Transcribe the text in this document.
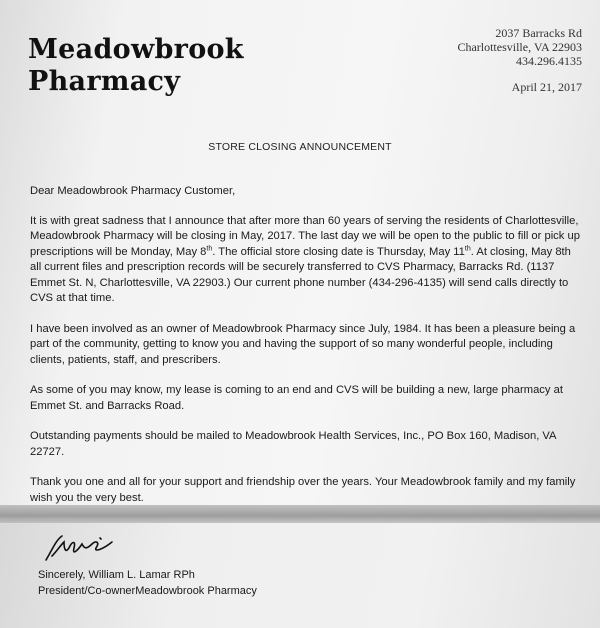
Meadowbrook
Pharmacy
2037 Barracks Rd
Charlottesville, VA 22903
434.296.4135
April 21, 2017
STORE CLOSING ANNOUNCEMENT

Dear Meadowbrook Pharmacy Customer,

It is with great sadness that I announce that after more than 60 years of serving the residents of Charlottesville, Meadowbrook Pharmacy will be closing in May, 2017. The last day we will be open to the public to fill or pick up prescriptions will be Monday, May 8th. The official store closing date is Thursday, May 11th. At closing, May 8th all current files and prescription records will be securely transferred to CVS Pharmacy, Barracks Rd. (1137 Emmet St. N, Charlottesville, VA 22903.) Our current phone number (434-296-4135) will send calls directly to CVS at that time.

I have been involved as an owner of Meadowbrook Pharmacy since July, 1984. It has been a pleasure being a part of the community, getting to know you and having the support of so many wonderful people, including clients, patients, staff, and prescribers.

As some of you may know, my lease is coming to an end and CVS will be building a new, large pharmacy at Emmet St. and Barracks Road.

Outstanding payments should be mailed to Meadowbrook Health Services, Inc., PO Box 160, Madison, VA 22727.

Thank you one and all for your support and friendship over the years. Your Meadowbrook family and my family wish you the very best.

Sincerely, William L. Lamar RPh
President/Co-ownerMeadowbrook Pharmacy
